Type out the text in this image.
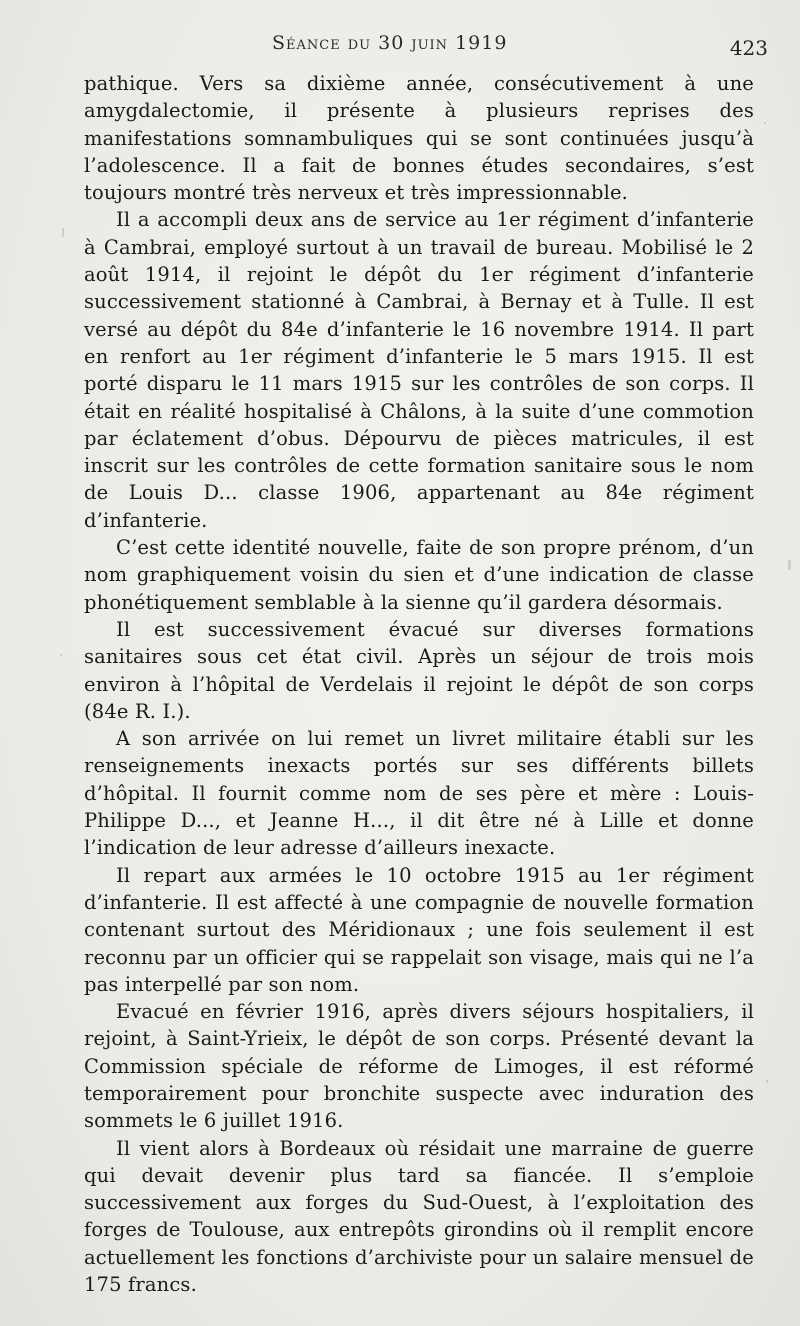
Séance du 30 juin 1919	423

pathique. Vers sa dixième année, consécutivement à une amygdalectomie, il présente à plusieurs reprises des manifestations somnambuliques qui se sont continuées jusqu’à l’adolescence. Il a fait de bonnes études secondaires, s’est toujours montré très nerveux et très impressionnable.

Il a accompli deux ans de service au 1er régiment d’infanterie à Cambrai, employé surtout à un travail de bureau. Mobilisé le 2 août 1914, il rejoint le dépôt du 1er régiment d’infanterie successivement stationné à Cambrai, à Bernay et à Tulle. Il est versé au dépôt du 84e d’infanterie le 16 novembre 1914. Il part en renfort au 1er régiment d’infanterie le 5 mars 1915. Il est porté disparu le 11 mars 1915 sur les contrôles de son corps. Il était en réalité hospitalisé à Châlons, à la suite d’une commotion par éclatement d’obus. Dépourvu de pièces matricules, il est inscrit sur les contrôles de cette formation sanitaire sous le nom de Louis D... classe 1906, appartenant au 84e régiment d’infanterie.

C’est cette identité nouvelle, faite de son propre prénom, d’un nom graphiquement voisin du sien et d’une indication de classe phonétiquement semblable à la sienne qu’il gardera désormais.

Il est successivement évacué sur diverses formations sanitaires sous cet état civil. Après un séjour de trois mois environ à l’hôpital de Verdelais il rejoint le dépôt de son corps (84e R. I.).

A son arrivée on lui remet un livret militaire établi sur les renseignements inexacts portés sur ses différents billets d’hôpital. Il fournit comme nom de ses père et mère : Louis-Philippe D..., et Jeanne H..., il dit être né à Lille et donne l’indication de leur adresse d’ailleurs inexacte.

Il repart aux armées le 10 octobre 1915 au 1er régiment d’infanterie. Il est affecté à une compagnie de nouvelle formation contenant surtout des Méridionaux ; une fois seulement il est reconnu par un officier qui se rappelait son visage, mais qui ne l’a pas interpellé par son nom.

Evacué en février 1916, après divers séjours hospitaliers, il rejoint, à Saint-Yrieix, le dépôt de son corps. Présenté devant la Commission spéciale de réforme de Limoges, il est réformé temporairement pour bronchite suspecte avec induration des sommets le 6 juillet 1916.

Il vient alors à Bordeaux où résidait une marraine de guerre qui devait devenir plus tard sa fiancée. Il s’emploie successivement aux forges du Sud-Ouest, à l’exploitation des forges de Toulouse, aux entrepôts girondins où il remplit encore actuellement les fonctions d’archiviste pour un salaire mensuel de 175 francs.
